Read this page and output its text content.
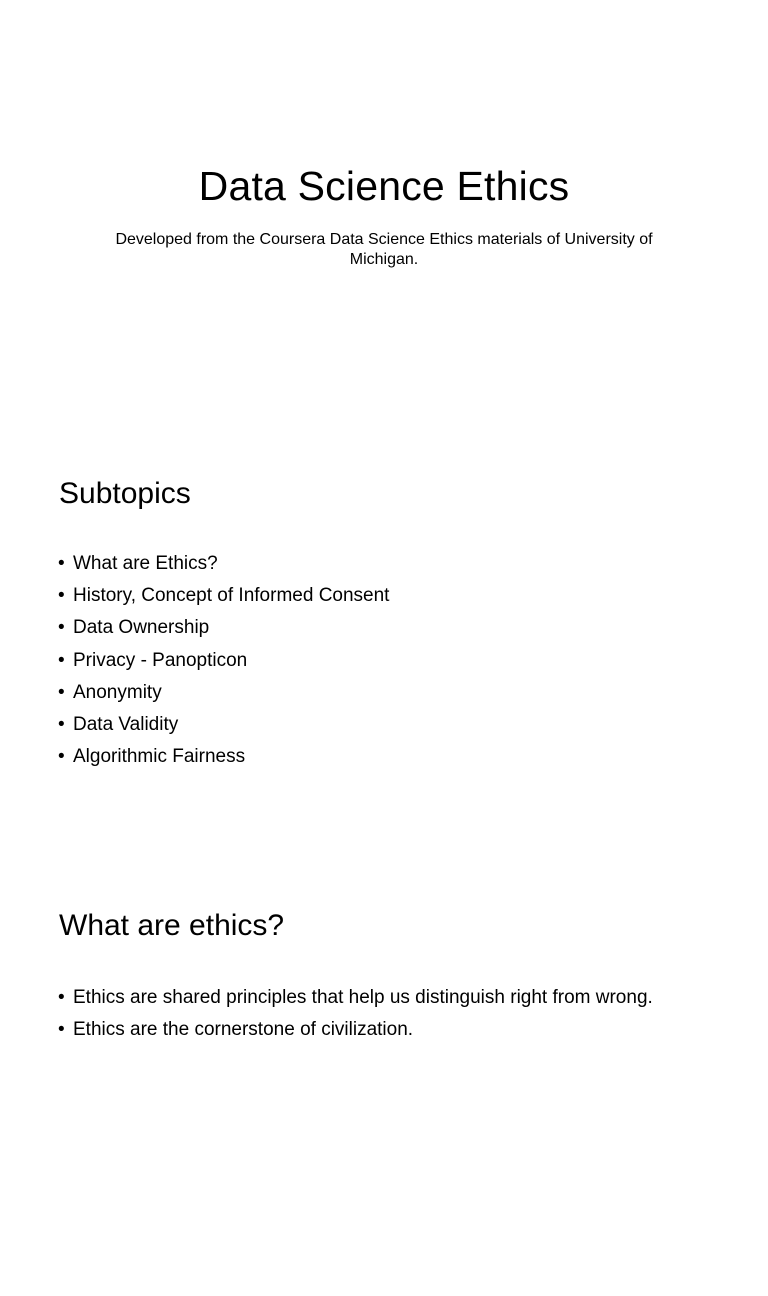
Data Science Ethics
Developed from the Coursera Data Science Ethics materials of University of Michigan.
Subtopics
• What are Ethics?
• History, Concept of Informed Consent
• Data Ownership
• Privacy - Panopticon
• Anonymity
• Data Validity
• Algorithmic Fairness
What are ethics?
• Ethics are shared principles that help us distinguish right from wrong.
• Ethics are the cornerstone of civilization.
